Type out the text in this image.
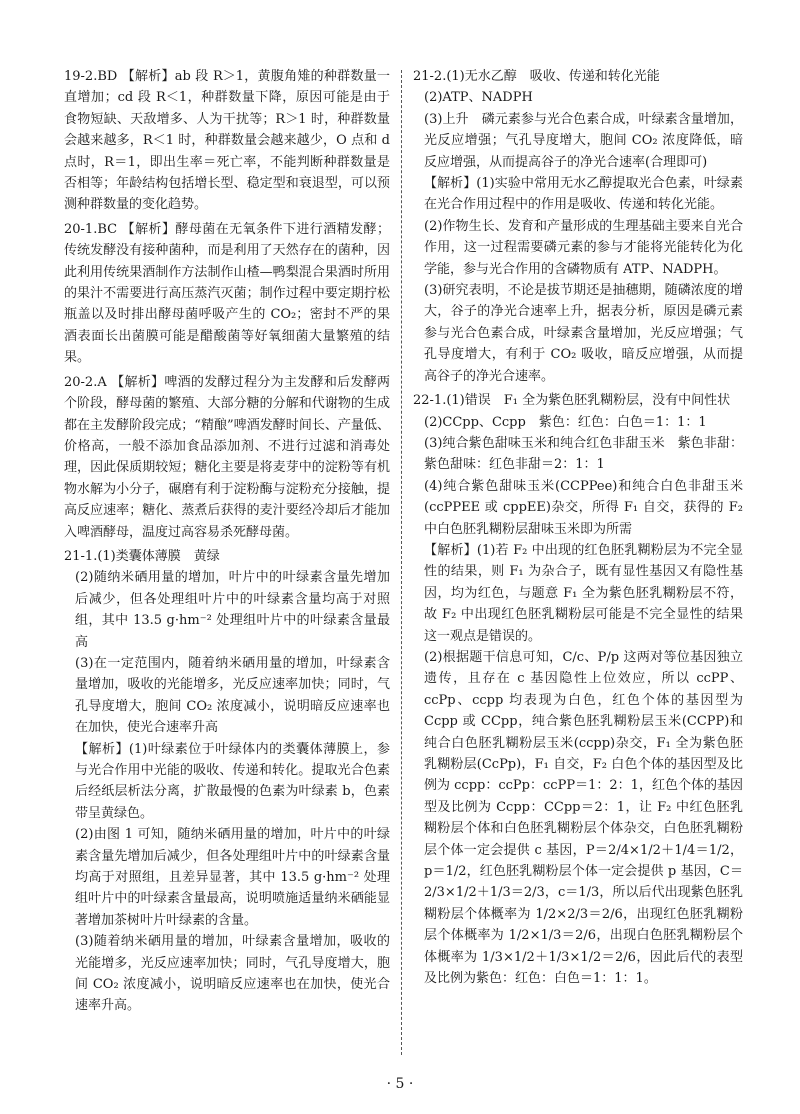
19-2.BD 【解析】ab 段 R＞1，黄腹角雉的种群数量一直增加；cd 段 R＜1，种群数量下降，原因可能是由于食物短缺、天敌增多、人为干扰等；R＞1 时，种群数量会越来越多，R＜1 时，种群数量会越来越少，O 点和 d 点时，R＝1，即出生率＝死亡率，不能判断种群数量是否相等；年龄结构包括增长型、稳定型和衰退型，可以预测种群数量的变化趋势。

20-1.BC 【解析】酵母菌在无氧条件下进行酒精发酵；传统发酵没有接种菌种，而是利用了天然存在的菌种，因此利用传统果酒制作方法制作山楂—鸭梨混合果酒时所用的果汁不需要进行高压蒸汽灭菌；制作过程中要定期拧松瓶盖以及时排出酵母菌呼吸产生的 CO₂；密封不严的果酒表面长出菌膜可能是醋酸菌等好氧细菌大量繁殖的结果。

20-2.A 【解析】啤酒的发酵过程分为主发酵和后发酵两个阶段，酵母菌的繁殖、大部分糖的分解和代谢物的生成都在主发酵阶段完成；“精酿”啤酒发酵时间长、产量低、价格高，一般不添加食品添加剂、不进行过滤和消毒处理，因此保质期较短；糖化主要是将麦芽中的淀粉等有机物水解为小分子，碾磨有利于淀粉酶与淀粉充分接触，提高反应速率；糖化、蒸煮后获得的麦汁要经冷却后才能加入啤酒酵母，温度过高容易杀死酵母菌。

21-1.(1)类囊体薄膜　黄绿

(2)随纳米硒用量的增加，叶片中的叶绿素含量先增加后减少，但各处理组叶片中的叶绿素含量均高于对照组，其中 13.5 g·hm⁻² 处理组叶片中的叶绿素含量最高

(3)在一定范围内，随着纳米硒用量的增加，叶绿素含量增加，吸收的光能增多，光反应速率加快；同时，气孔导度增大，胞间 CO₂ 浓度减小，说明暗反应速率也在加快，使光合速率升高

【解析】(1)叶绿素位于叶绿体内的类囊体薄膜上，参与光合作用中光能的吸收、传递和转化。提取光合色素后经纸层析法分离，扩散最慢的色素为叶绿素 b，色素带呈黄绿色。

(2)由图 1 可知，随纳米硒用量的增加，叶片中的叶绿素含量先增加后减少，但各处理组叶片中的叶绿素含量均高于对照组，且差异显著，其中 13.5 g·hm⁻² 处理组叶片中的叶绿素含量最高，说明喷施适量纳米硒能显著增加茶树叶片叶绿素的含量。

(3)随着纳米硒用量的增加，叶绿素含量增加，吸收的光能增多，光反应速率加快；同时，气孔导度增大，胞间 CO₂ 浓度减小，说明暗反应速率也在加快，使光合速率升高。

21-2.(1)无水乙醇　吸收、传递和转化光能

(2)ATP、NADPH

(3)上升　磷元素参与光合色素合成，叶绿素含量增加，光反应增强；气孔导度增大，胞间 CO₂ 浓度降低，暗反应增强，从而提高谷子的净光合速率(合理即可)

【解析】(1)实验中常用无水乙醇提取光合色素，叶绿素在光合作用过程中的作用是吸收、传递和转化光能。

(2)作物生长、发育和产量形成的生理基础主要来自光合作用，这一过程需要磷元素的参与才能将光能转化为化学能，参与光合作用的含磷物质有 ATP、NADPH。

(3)研究表明，不论是拔节期还是抽穗期，随磷浓度的增大，谷子的净光合速率上升，据表分析，原因是磷元素参与光合色素合成，叶绿素含量增加，光反应增强；气孔导度增大，有利于 CO₂ 吸收，暗反应增强，从而提高谷子的净光合速率。

22-1.(1)错误　F₁ 全为紫色胚乳糊粉层，没有中间性状

(2)CCpp、Ccpp　紫色：红色：白色＝1：1：1

(3)纯合紫色甜味玉米和纯合红色非甜玉米　紫色非甜：紫色甜味：红色非甜＝2：1：1

(4)纯合紫色甜味玉米(CCPPee)和纯合白色非甜玉米(ccPPEE 或 cppEE)杂交，所得 F₁ 自交，获得的 F₂ 中白色胚乳糊粉层甜味玉米即为所需

【解析】(1)若 F₂ 中出现的红色胚乳糊粉层为不完全显性的结果，则 F₁ 为杂合子，既有显性基因又有隐性基因，均为红色，与题意 F₁ 全为紫色胚乳糊粉层不符，故 F₂ 中出现红色胚乳糊粉层可能是不完全显性的结果这一观点是错误的。

(2)根据题干信息可知，C/c、P/p 这两对等位基因独立遗传，且存在 c 基因隐性上位效应，所以 ccPP、ccPp、ccpp 均表现为白色，红色个体的基因型为 Ccpp 或 CCpp，纯合紫色胚乳糊粉层玉米(CCPP)和纯合白色胚乳糊粉层玉米(ccpp)杂交，F₁ 全为紫色胚乳糊粉层(CcPp)，F₁ 自交，F₂ 白色个体的基因型及比例为 ccpp：ccPp：ccPP＝1：2：1，红色个体的基因型及比例为 Ccpp：CCpp＝2：1，让 F₂ 中红色胚乳糊粉层个体和白色胚乳糊粉层个体杂交，白色胚乳糊粉层个体一定会提供 c 基因，P＝2/4×1/2＋1/4＝1/2，p＝1/2，红色胚乳糊粉层个体一定会提供 p 基因，C＝2/3×1/2＋1/3＝2/3，c＝1/3，所以后代出现紫色胚乳糊粉层个体概率为 1/2×2/3＝2/6，出现红色胚乳糊粉层个体概率为 1/2×1/3＝2/6，出现白色胚乳糊粉层个体概率为 1/3×1/2＋1/3×1/2＝2/6，因此后代的表型及比例为紫色：红色：白色＝1：1：1。

· 5 ·
